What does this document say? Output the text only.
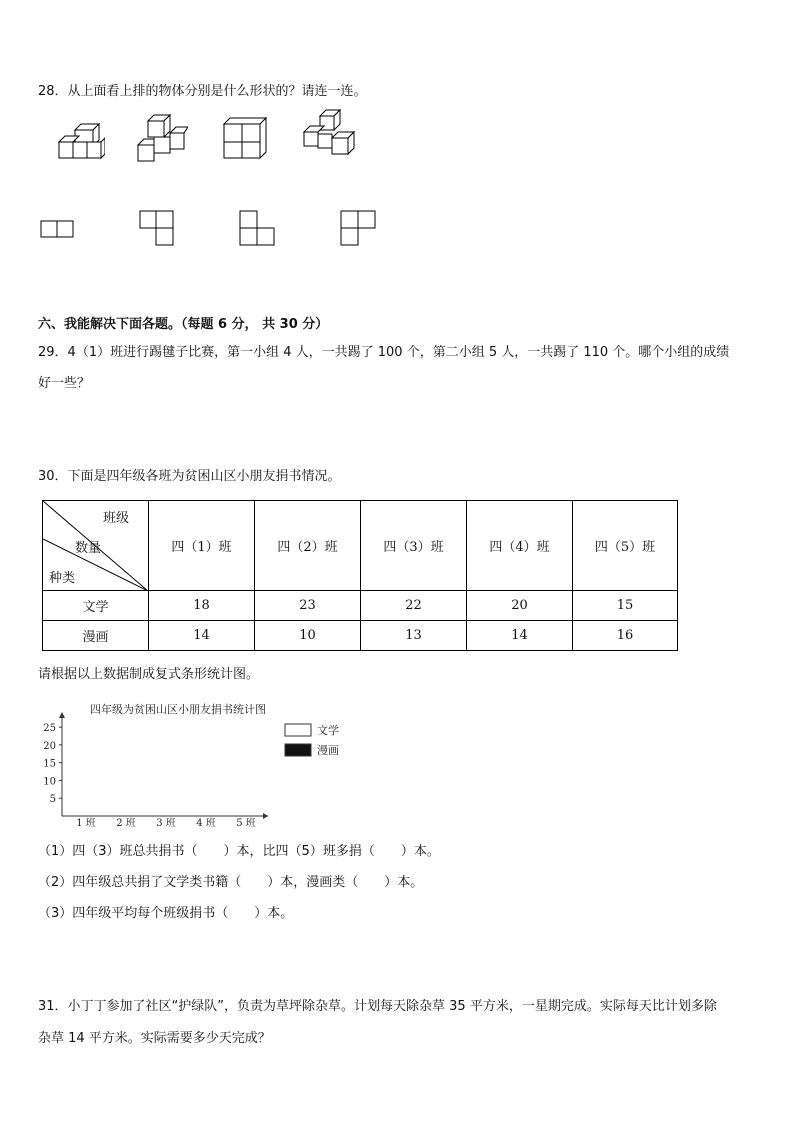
28．从上面看上排的物体分别是什么形状的？请连一连。
六、我能解决下面各题。（每题 6 分， 共 30 分）
29．4（1）班进行踢毽子比赛，第一小组 4 人，一共踢了 100 个，第二小组 5 人，一共踢了 110 个。哪个小组的成绩
好一些？
30．下面是四年级各班为贫困山区小朋友捐书情况。
班级
数量
种类	四（1）班	四（2）班	四（3）班	四（4）班	四（5）班
文学	18	23	22	20	15
漫画	14	10	13	14	16
请根据以上数据制成复式条形统计图。
四年级为贫困山区小朋友捐书统计图
5
10
15
20
25
1 班 2 班 3 班 4 班 5 班
文学
漫画
（1）四（3）班总共捐书（　　）本，比四（5）班多捐（　　）本。
（2）四年级总共捐了文学类书籍（　　）本，漫画类（　　）本。
（3）四年级平均每个班级捐书（　　）本。
31．小丁丁参加了社区“护绿队”，负责为草坪除杂草。计划每天除杂草 35 平方米，一星期完成。实际每天比计划多除
杂草 14 平方米。实际需要多少天完成？
